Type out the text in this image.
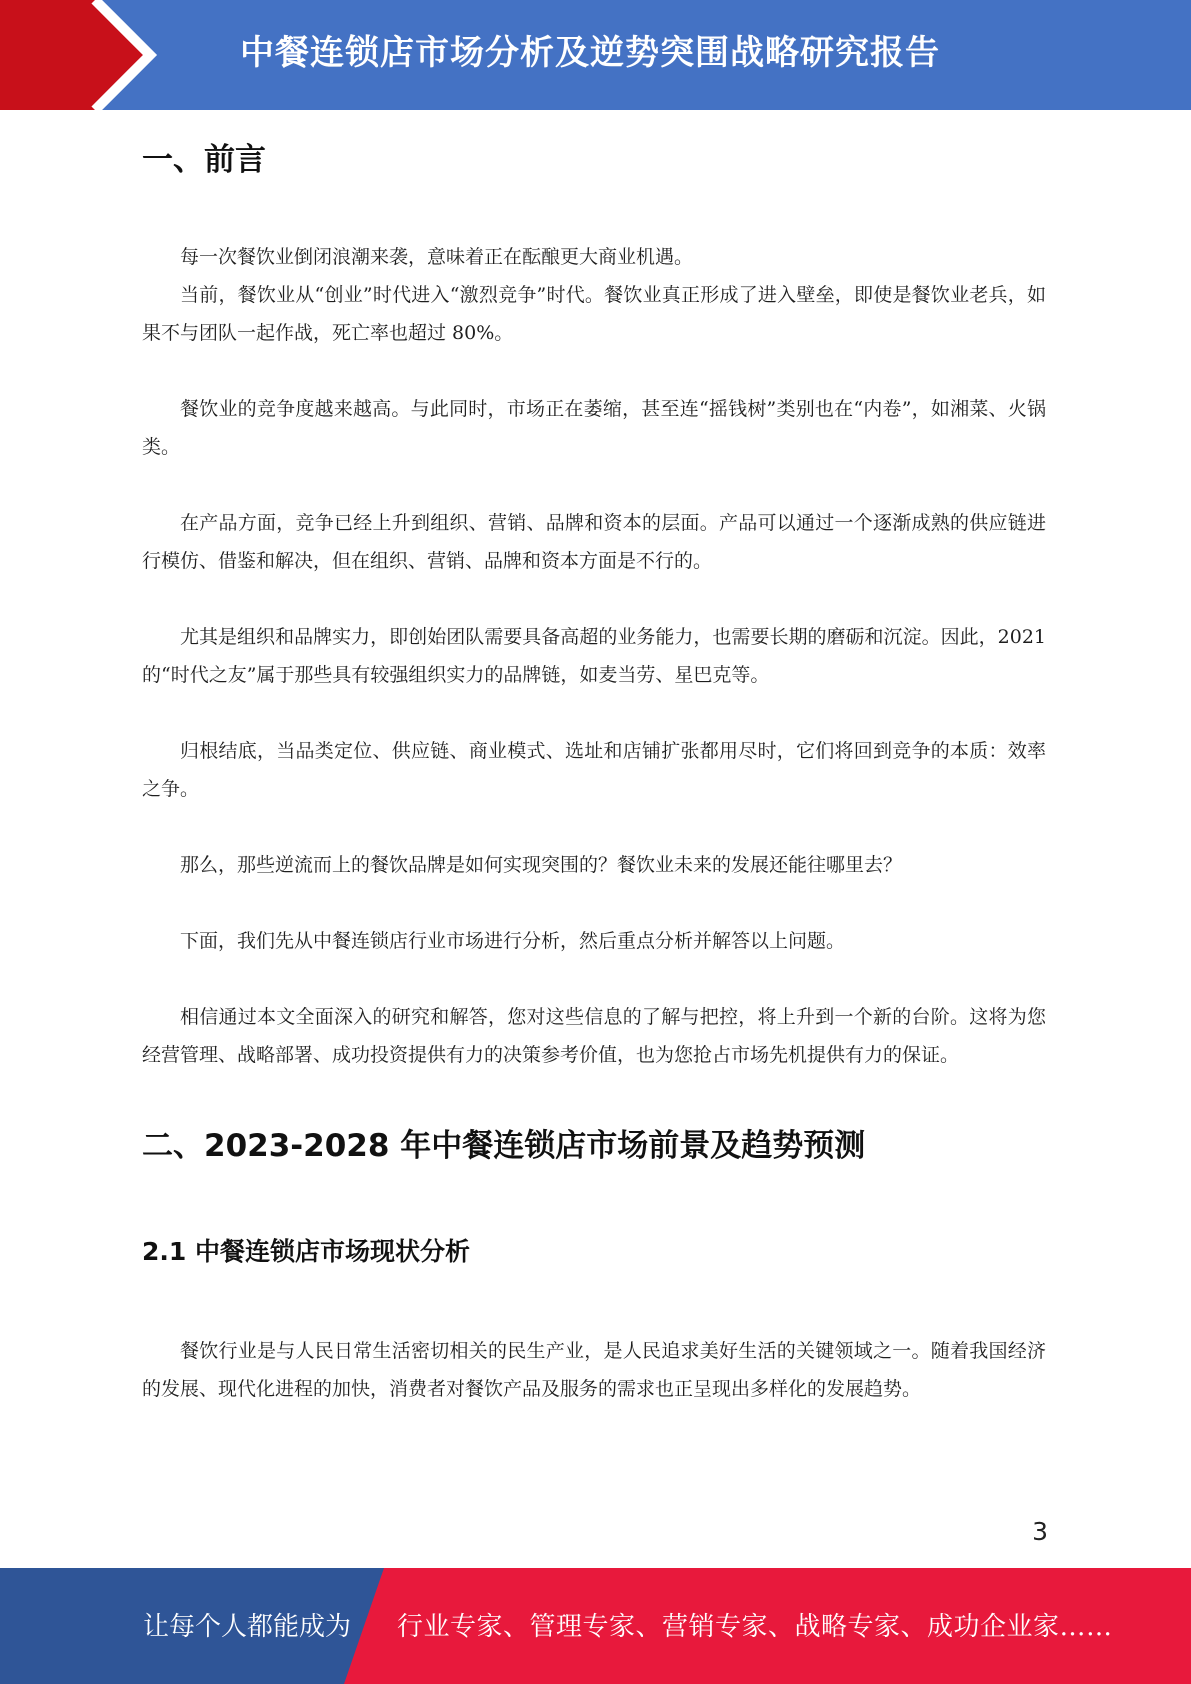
中餐连锁店市场分析及逆势突围战略研究报告
一、前言

每一次餐饮业倒闭浪潮来袭，意味着正在酝酿更大商业机遇。

当前，餐饮业从“创业”时代进入“激烈竞争”时代。餐饮业真正形成了进入壁垒，即使是餐饮业老兵，如果不与团队一起作战，死亡率也超过 80%。

餐饮业的竞争度越来越高。与此同时，市场正在萎缩，甚至连“摇钱树”类别也在“内卷”，如湘菜、火锅类。

在产品方面，竞争已经上升到组织、营销、品牌和资本的层面。产品可以通过一个逐渐成熟的供应链进行模仿、借鉴和解决，但在组织、营销、品牌和资本方面是不行的。

尤其是组织和品牌实力，即创始团队需要具备高超的业务能力，也需要长期的磨砺和沉淀。因此，2021 的“时代之友”属于那些具有较强组织实力的品牌链，如麦当劳、星巴克等。

归根结底，当品类定位、供应链、商业模式、选址和店铺扩张都用尽时，它们将回到竞争的本质：效率之争。

那么，那些逆流而上的餐饮品牌是如何实现突围的？餐饮业未来的发展还能往哪里去？

下面，我们先从中餐连锁店行业市场进行分析，然后重点分析并解答以上问题。

相信通过本文全面深入的研究和解答，您对这些信息的了解与把控，将上升到一个新的台阶。这将为您经营管理、战略部署、成功投资提供有力的决策参考价值，也为您抢占市场先机提供有力的保证。

二、2023-2028 年中餐连锁店市场前景及趋势预测
2.1 中餐连锁店市场现状分析

餐饮行业是与人民日常生活密切相关的民生产业，是人民追求美好生活的关键领域之一。随着我国经济的发展、现代化进程的加快，消费者对餐饮产品及服务的需求也正呈现出多样化的发展趋势。

3
让每个人都能成为 行业专家、管理专家、营销专家、战略专家、成功企业家……
